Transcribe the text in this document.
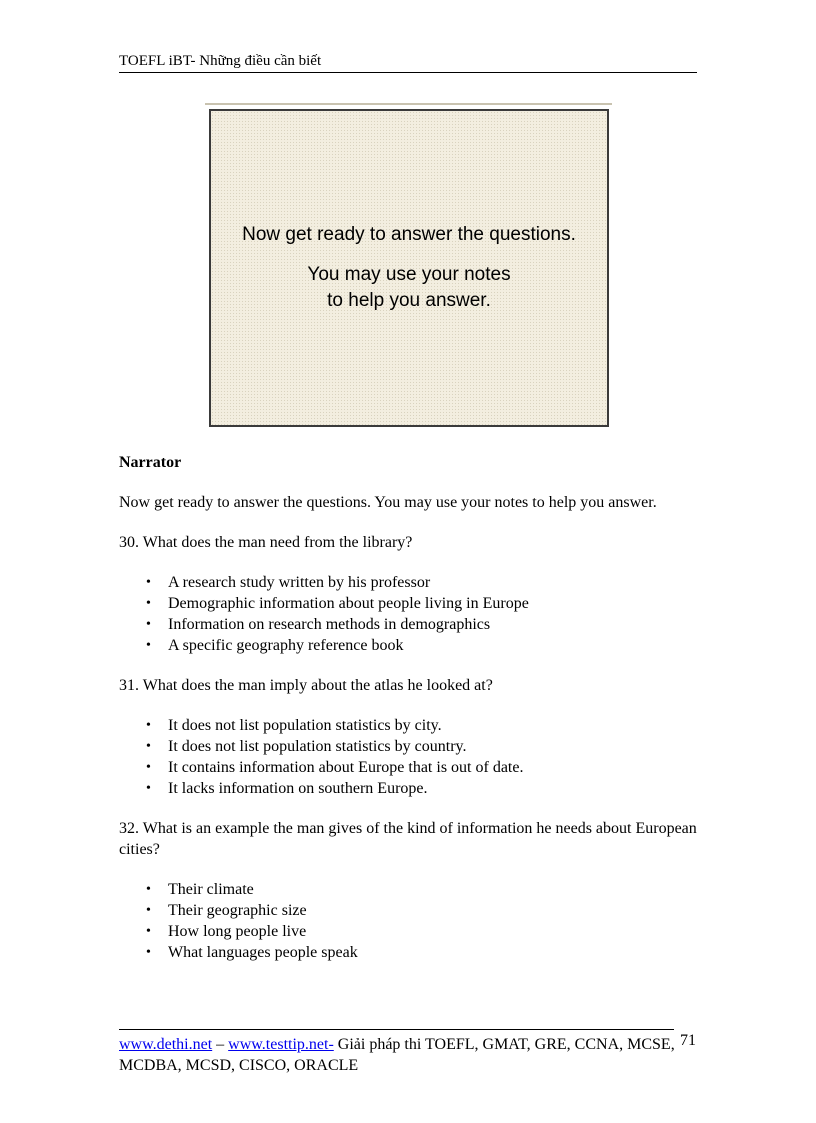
TOEFL iBT- Những điều cần biết
Now get ready to answer the questions.
You may use your notes
to help you answer.

Narrator

Now get ready to answer the questions. You may use your notes to help you answer.

30. What does the man need from the library?

• A research study written by his professor
• Demographic information about people living in Europe
• Information on research methods in demographics
• A specific geography reference book

31. What does the man imply about the atlas he looked at?

• It does not list population statistics by city.
• It does not list population statistics by country.
• It contains information about Europe that is out of date.
• It lacks information on southern Europe.

32. What is an example the man gives of the kind of information he needs about European cities?

• Their climate
• Their geographic size
• How long people live
• What languages people speak
www.dethi.net – www.testtip.net- Giải pháp thi TOEFL, GMAT, GRE, CCNA, MCSE, MCDBA, MCSD, CISCO, ORACLE
71
